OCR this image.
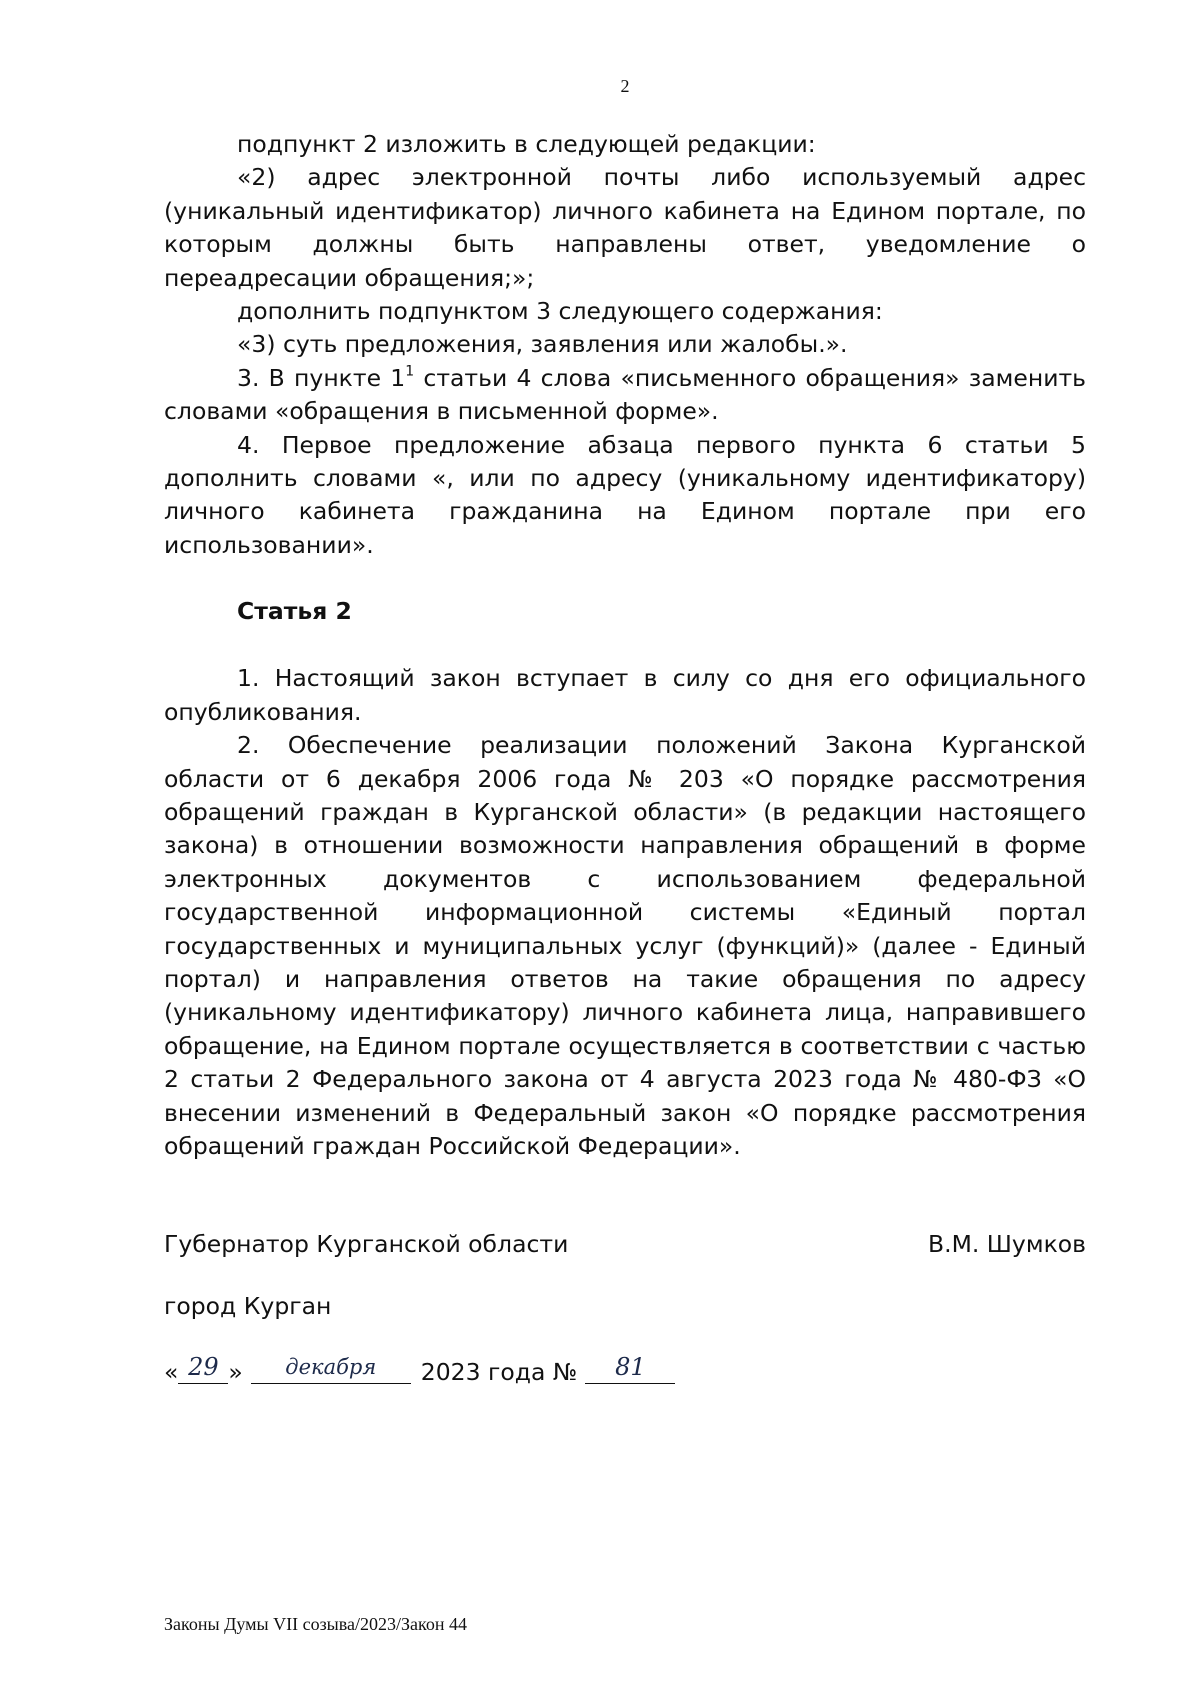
2

подпункт 2 изложить в следующей редакции:

«2) адрес электронной почты либо используемый адрес (уникальный идентификатор) личного кабинета на Едином портале, по которым должны быть направлены ответ, уведомление о переадресации обращения;»;

дополнить подпунктом 3 следующего содержания:

«3) суть предложения, заявления или жалобы.».

3. В пункте $1^1$ статьи 4 слова «письменного обращения» заменить словами «обращения в письменной форме».

4. Первое предложение абзаца первого пункта 6 статьи 5 дополнить словами «, или по адресу (уникальному идентификатору) личного кабинета гражданина на Едином портале при его использовании».

Статья 2

1. Настоящий закон вступает в силу со дня его официального опубликования.

2. Обеспечение реализации положений Закона Курганской области от 6 декабря 2006 года № 203 «О порядке рассмотрения обращений граждан в Курганской области» (в редакции настоящего закона) в отношении возможности направления обращений в форме электронных документов с использованием федеральной государственной информационной системы «Единый портал государственных и муниципальных услуг (функций)» (далее - Единый портал) и направления ответов на такие обращения по адресу (уникальному идентификатору) личного кабинета лица, направившего обращение, на Едином портале осуществляется в соответствии с частью 2 статьи 2 Федерального закона от 4 августа 2023 года № 480-ФЗ «О внесении изменений в Федеральный закон «О порядке рассмотрения обращений граждан Российской Федерации».

Губернатор Курганской области	В.М. Шумков
город Курган
« 29 »	декабря	2023 года №	81
Законы Думы VII созыва/2023/Закон 44
